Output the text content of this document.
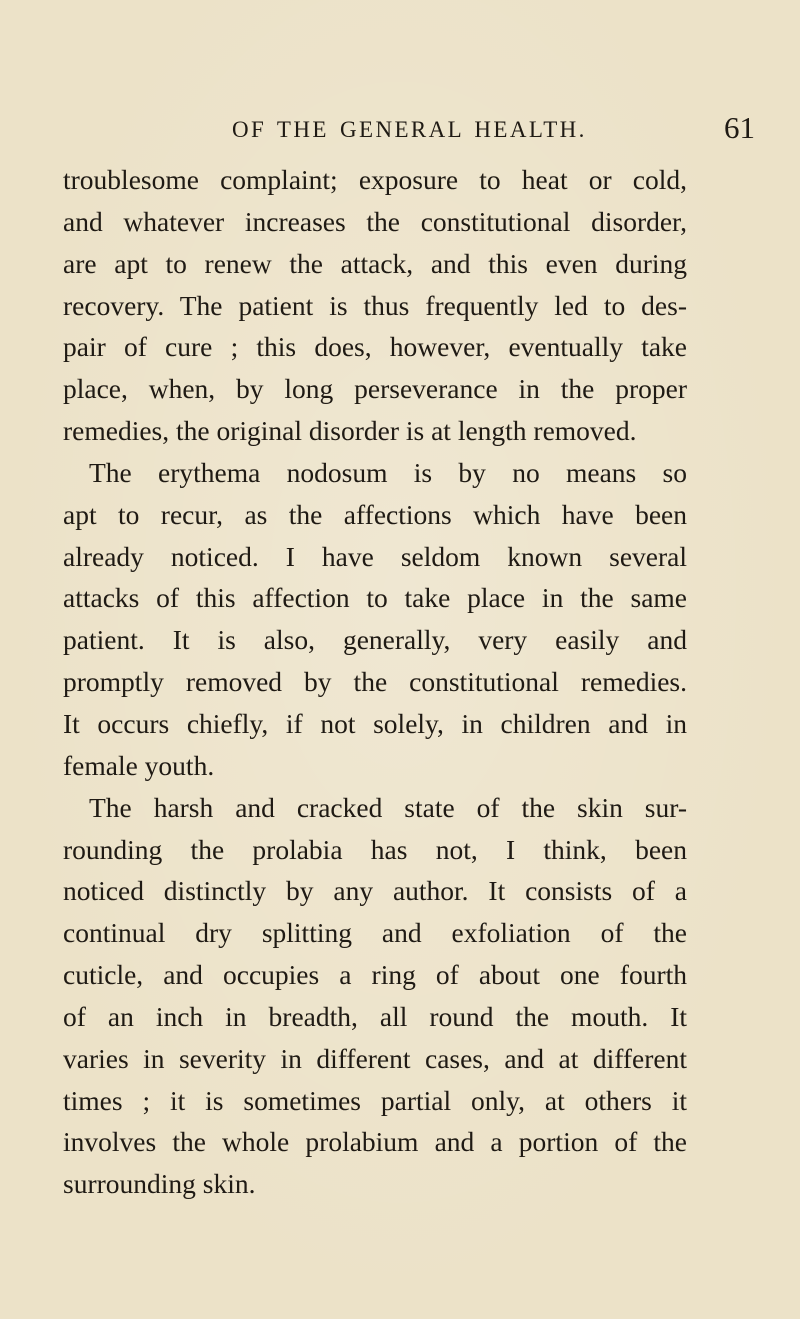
OF THE GENERAL HEALTH.	61
troublesome complaint; exposure to heat or cold,
and whatever increases the constitutional disorder,
are apt to renew the attack, and this even during
recovery. The patient is thus frequently led to des-
pair of cure ; this does, however, eventually take
place, when, by long perseverance in the proper
remedies, the original disorder is at length removed.
The erythema nodosum is by no means so
apt to recur, as the affections which have been
already noticed. I have seldom known several
attacks of this affection to take place in the same
patient. It is also, generally, very easily and
promptly removed by the constitutional remedies.
It occurs chiefly, if not solely, in children and in
female youth.
The harsh and cracked state of the skin sur-
rounding the prolabia has not, I think, been
noticed distinctly by any author. It consists of a
continual dry splitting and exfoliation of the
cuticle, and occupies a ring of about one fourth
of an inch in breadth, all round the mouth. It
varies in severity in different cases, and at different
times ; it is sometimes partial only, at others it
involves the whole prolabium and a portion of the
surrounding skin.
